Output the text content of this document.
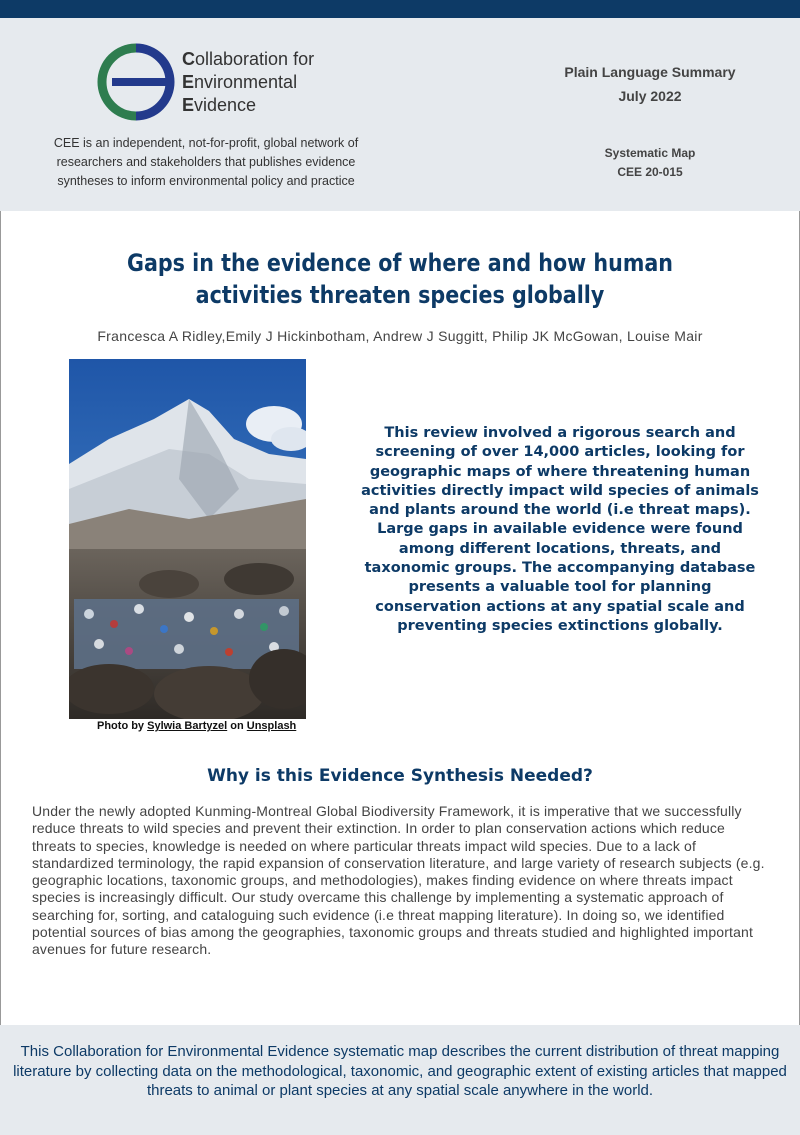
Collaboration for
Environmental
Evidence
CEE is an independent, not-for-profit, global network of researchers and stakeholders that publishes evidence syntheses to inform environmental policy and practice
Plain Language Summary
July 2022
Systematic Map
CEE 20-015
Gaps in the evidence of where and how human activities threaten species globally
Francesca A Ridley,Emily J Hickinbotham, Andrew J Suggitt, Philip JK McGowan, Louise Mair
Photo by Sylwia Bartyzel on Unsplash
This review involved a rigorous search and screening of over 14,000 articles, looking for geographic maps of where threatening human activities directly impact wild species of animals and plants around the world (i.e threat maps). Large gaps in available evidence were found among different locations, threats, and taxonomic groups. The accompanying database presents a valuable tool for planning conservation actions at any spatial scale and preventing species extinctions globally.
Why is this Evidence Synthesis Needed?
Under the newly adopted Kunming-Montreal Global Biodiversity Framework, it is imperative that we successfully reduce threats to wild species and prevent their extinction. In order to plan conservation actions which reduce threats to species, knowledge is needed on where particular threats impact wild species. Due to a lack of standardized terminology, the rapid expansion of conservation literature, and large variety of research subjects (e.g. geographic locations, taxonomic groups, and methodologies), makes finding evidence on where threats impact species is increasingly difficult. Our study overcame this challenge by implementing a systematic approach of searching for, sorting, and cataloguing such evidence (i.e threat mapping literature). In doing so, we identified potential sources of bias among the geographies, taxonomic groups and threats studied and highlighted important avenues for future research.
This Collaboration for Environmental Evidence systematic map describes the current distribution of threat mapping literature by collecting data on the methodological, taxonomic, and geographic extent of existing articles that mapped threats to animal or plant species at any spatial scale anywhere in the world.
